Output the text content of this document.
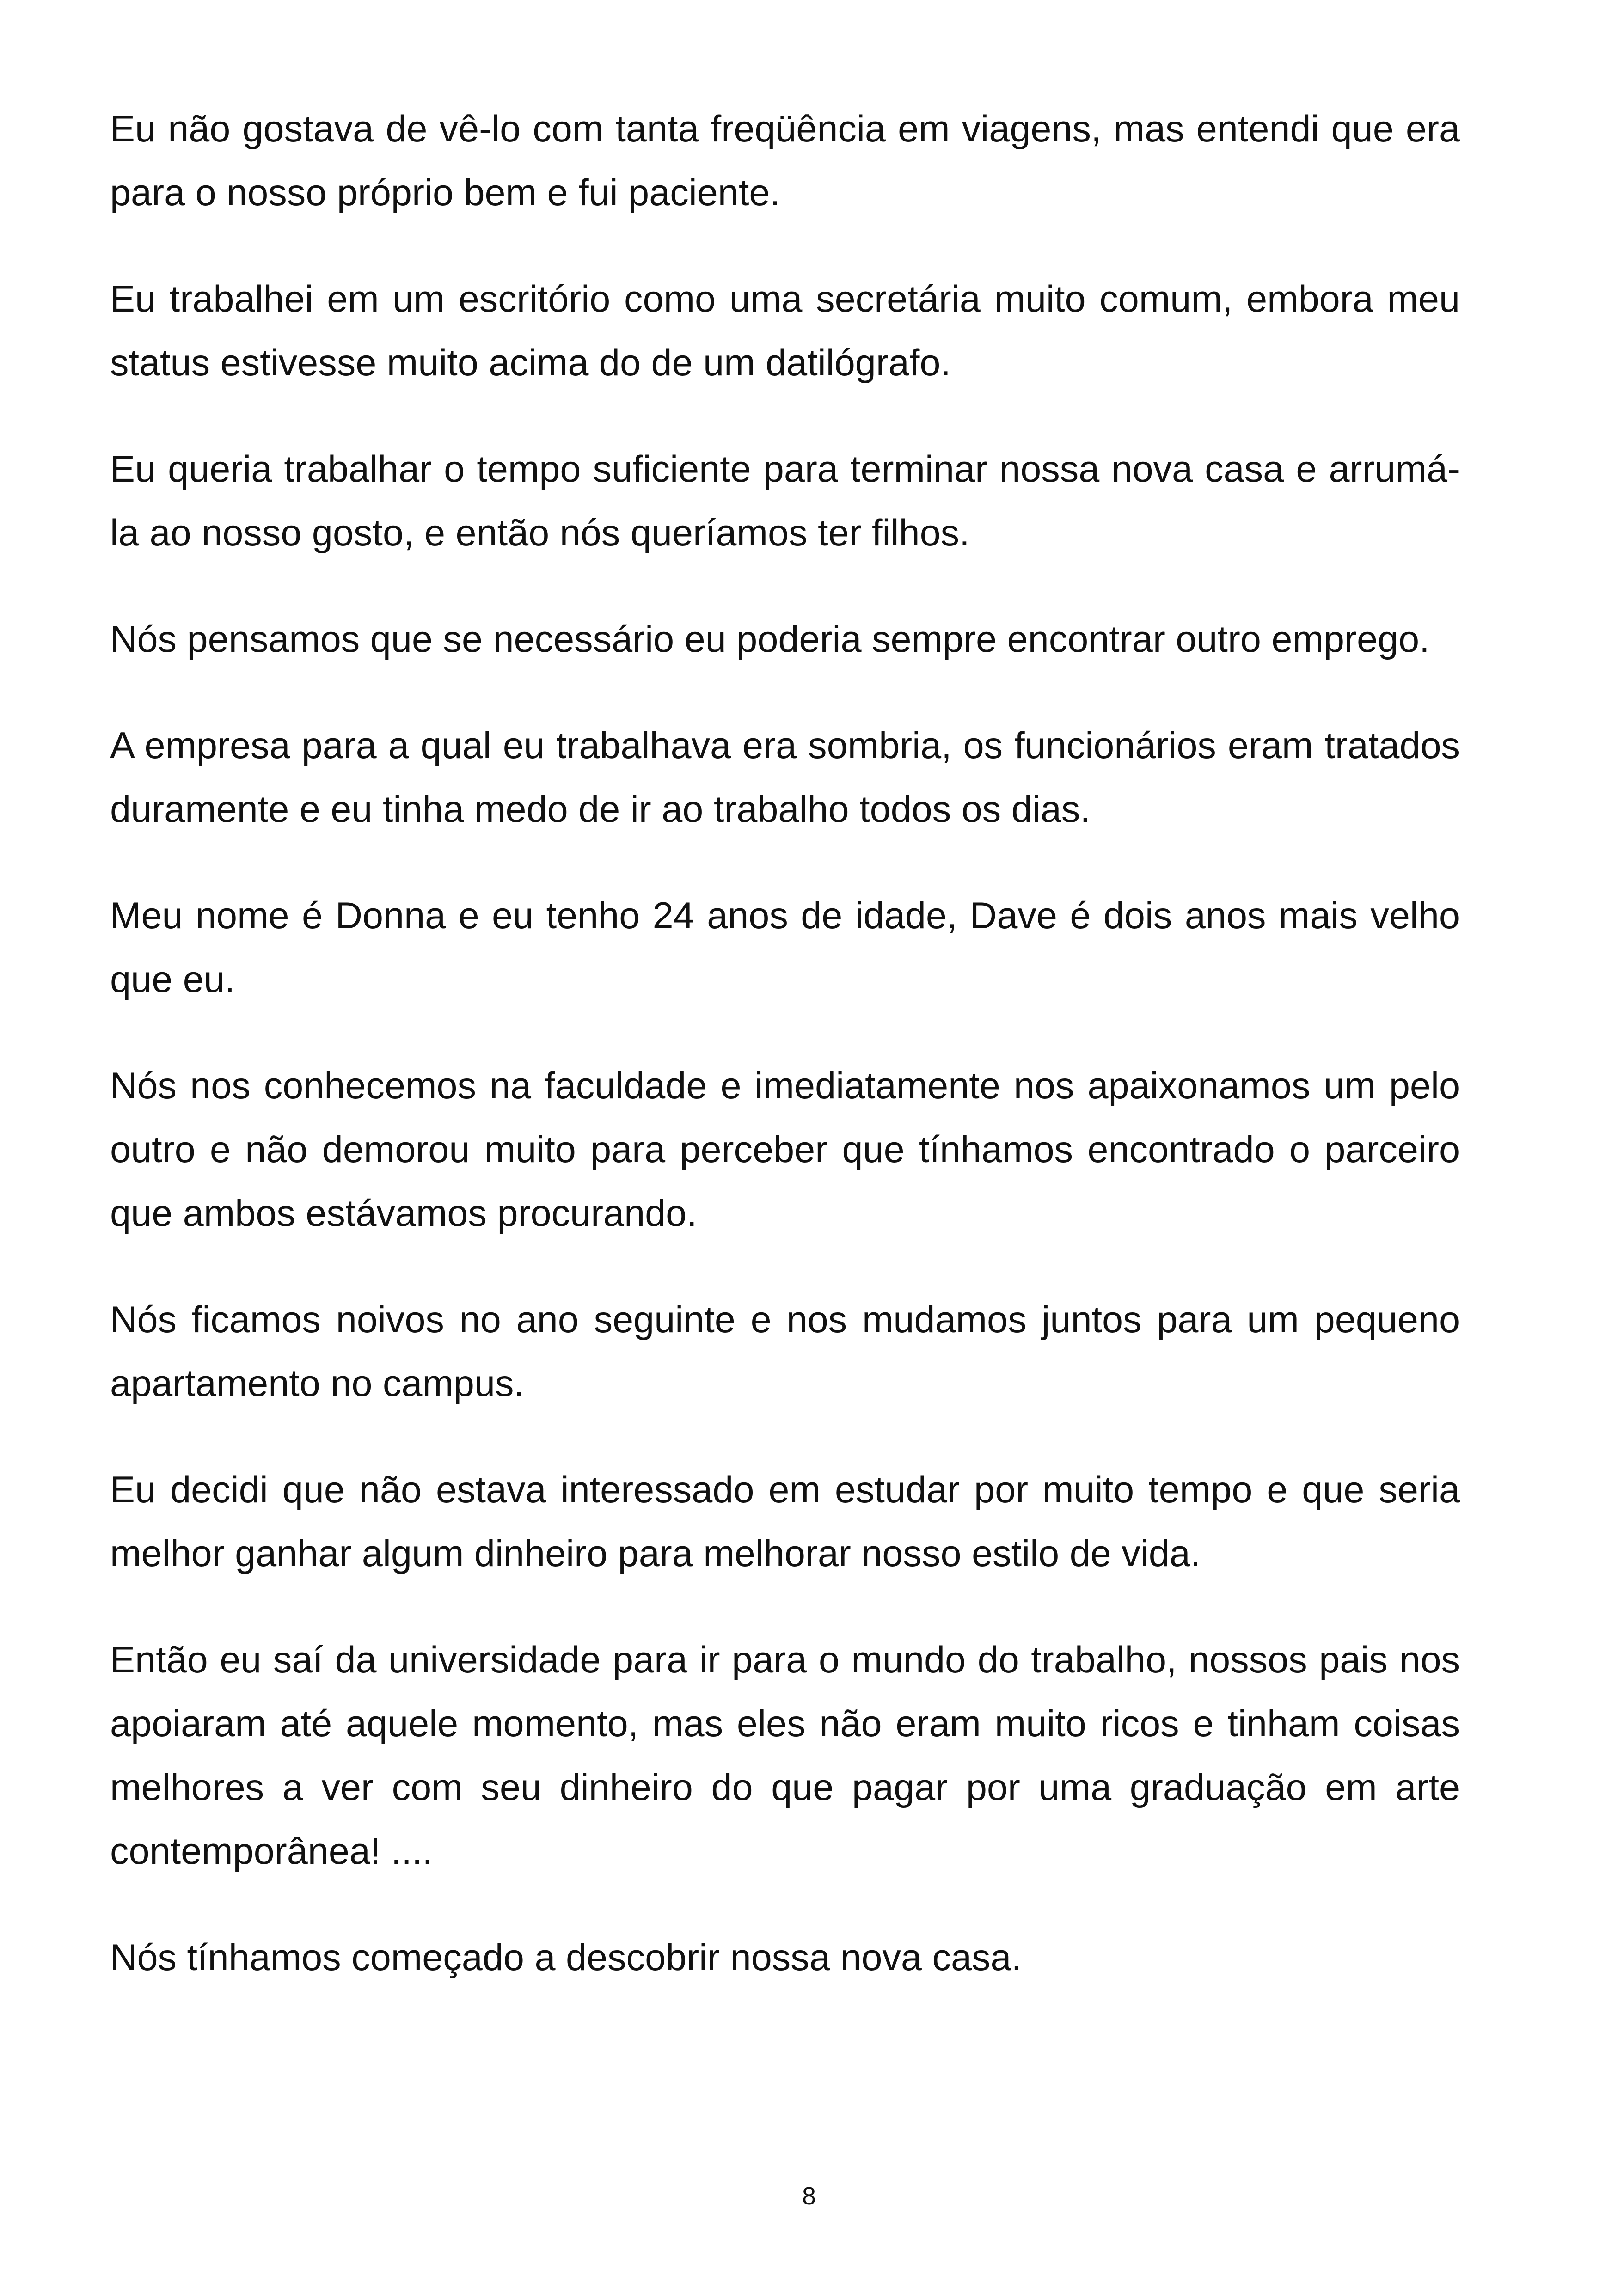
Eu não gostava de vê-lo com tanta freqüência em viagens, mas entendi que era para o nosso próprio bem e fui paciente.

Eu trabalhei em um escritório como uma secretária muito comum, embora meu status estivesse muito acima do de um datilógrafo.

Eu queria trabalhar o tempo suficiente para terminar nossa nova casa e arrumá-la ao nosso gosto, e então nós queríamos ter filhos.

Nós pensamos que se necessário eu poderia sempre encontrar outro emprego.

A empresa para a qual eu trabalhava era sombria, os funcionários eram tratados duramente e eu tinha medo de ir ao trabalho todos os dias.

Meu nome é Donna e eu tenho 24 anos de idade, Dave é dois anos mais velho que eu.

Nós nos conhecemos na faculdade e imediatamente nos apaixonamos um pelo outro e não demorou muito para perceber que tínhamos encontrado o parceiro que ambos estávamos procurando.

Nós ficamos noivos no ano seguinte e nos mudamos juntos para um pequeno apartamento no campus.

Eu decidi que não estava interessado em estudar por muito tempo e que seria melhor ganhar algum dinheiro para melhorar nosso estilo de vida.

Então eu saí da universidade para ir para o mundo do trabalho, nossos pais nos apoiaram até aquele momento, mas eles não eram muito ricos e tinham coisas melhores a ver com seu dinheiro do que pagar por uma graduação em arte contemporânea! ....

Nós tínhamos começado a descobrir nossa nova casa.

8
